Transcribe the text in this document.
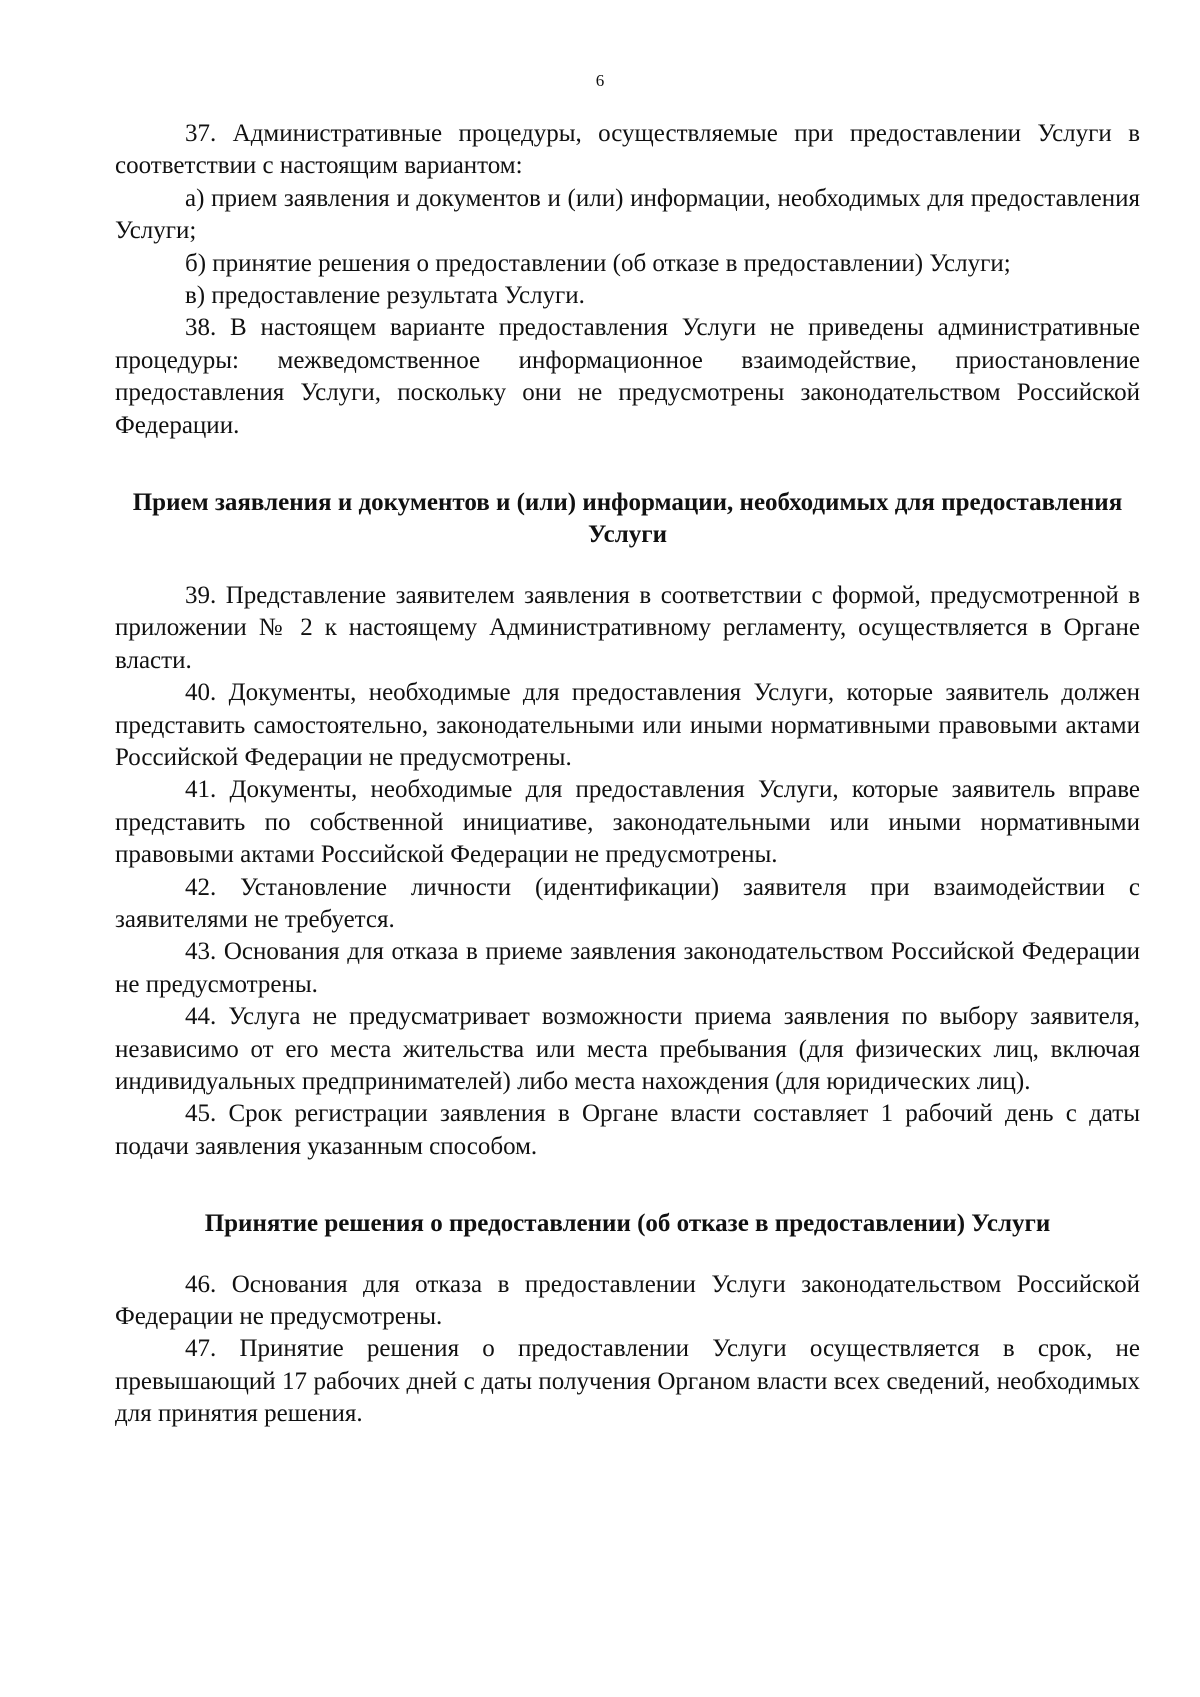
6

37. Административные процедуры, осуществляемые при предоставлении Услуги в соответствии с настоящим вариантом:

а) прием заявления и документов и (или) информации, необходимых для предоставления Услуги;

б) принятие решения о предоставлении (об отказе в предоставлении) Услуги;

в) предоставление результата Услуги.

38. В настоящем варианте предоставления Услуги не приведены административные процедуры: межведомственное информационное взаимодействие, приостановление предоставления Услуги, поскольку они не предусмотрены законодательством Российской Федерации.

Прием заявления и документов и (или) информации, необходимых для предоставления Услуги

39. Представление заявителем заявления в соответствии с формой, предусмотренной в приложении № 2 к настоящему Административному регламенту, осуществляется в Органе власти.

40. Документы, необходимые для предоставления Услуги, которые заявитель должен представить самостоятельно, законодательными или иными нормативными правовыми актами Российской Федерации не предусмотрены.

41. Документы, необходимые для предоставления Услуги, которые заявитель вправе представить по собственной инициативе, законодательными или иными нормативными правовыми актами Российской Федерации не предусмотрены.

42. Установление личности (идентификации) заявителя при взаимодействии с заявителями не требуется.

43. Основания для отказа в приеме заявления законодательством Российской Федерации не предусмотрены.

44. Услуга не предусматривает возможности приема заявления по выбору заявителя, независимо от его места жительства или места пребывания (для физических лиц, включая индивидуальных предпринимателей) либо места нахождения (для юридических лиц).

45. Срок регистрации заявления в Органе власти составляет 1 рабочий день с даты подачи заявления указанным способом.

Принятие решения о предоставлении (об отказе в предоставлении) Услуги

46. Основания для отказа в предоставлении Услуги законодательством Российской Федерации не предусмотрены.

47. Принятие решения о предоставлении Услуги осуществляется в срок, не превышающий 17 рабочих дней с даты получения Органом власти всех сведений, необходимых для принятия решения.
